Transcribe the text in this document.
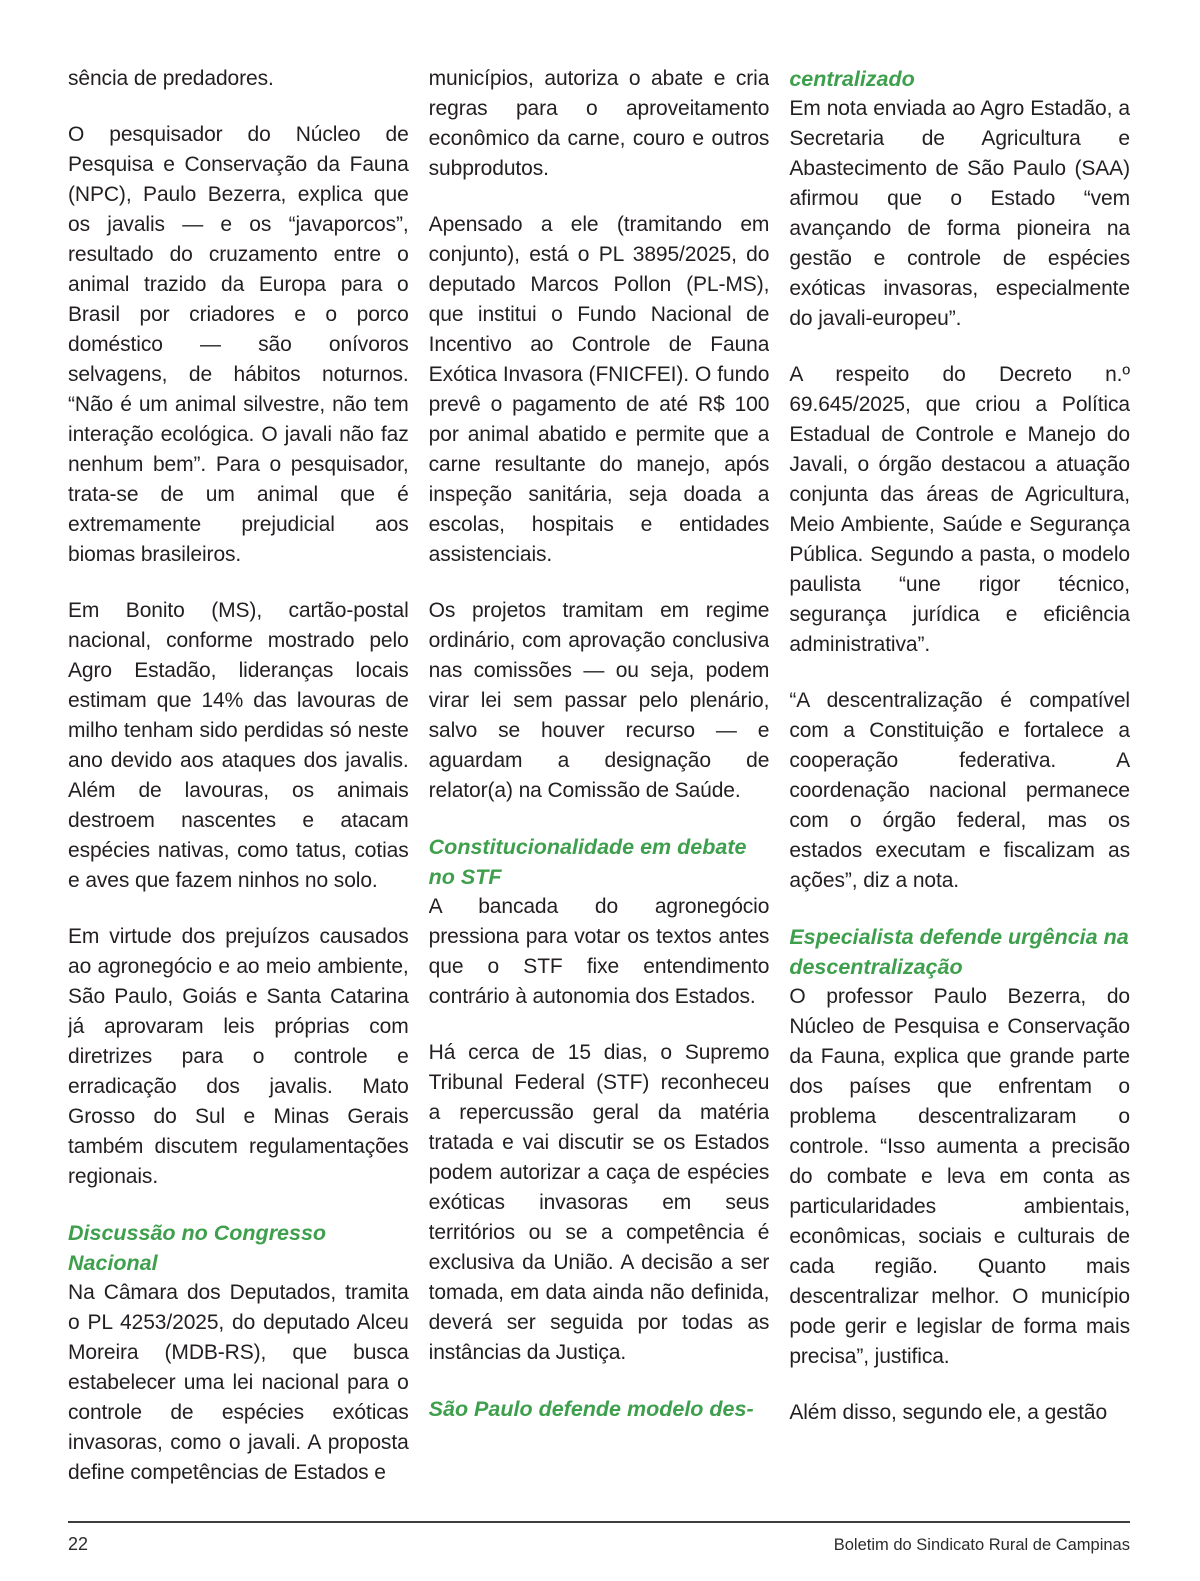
sência de predadores.

O pesquisador do Núcleo de Pesquisa e Conservação da Fauna (NPC), Paulo Bezerra, explica que os javalis — e os “javaporcos”, resultado do cruzamento entre o animal trazido da Europa para o Brasil por criadores e o porco doméstico — são onívoros selvagens, de hábitos noturnos. “Não é um animal silvestre, não tem interação ecológica. O javali não faz nenhum bem”. Para o pesquisador, trata-se de um animal que é extremamente prejudicial aos biomas brasileiros.

Em Bonito (MS), cartão-postal nacional, conforme mostrado pelo Agro Estadão, lideranças locais estimam que 14% das lavouras de milho tenham sido perdidas só neste ano devido aos ataques dos javalis. Além de lavouras, os animais destroem nascentes e atacam espécies nativas, como tatus, cotias e aves que fazem ninhos no solo.

Em virtude dos prejuízos causados ao agronegócio e ao meio ambiente, São Paulo, Goiás e Santa Catarina já aprovaram leis próprias com diretrizes para o controle e erradicação dos javalis. Mato Grosso do Sul e Minas Gerais também discutem regulamentações regionais.

Discussão no Congresso Nacional

Na Câmara dos Deputados, tramita o PL 4253/2025, do deputado Alceu Moreira (MDB-RS), que busca estabelecer uma lei nacional para o controle de espécies exóticas invasoras, como o javali. A proposta define competências de Estados e

municípios, autoriza o abate e cria regras para o aproveitamento econômico da carne, couro e outros subprodutos.

Apensado a ele (tramitando em conjunto), está o PL 3895/2025, do deputado Marcos Pollon (PL-MS), que institui o Fundo Nacional de Incentivo ao Controle de Fauna Exótica Invasora (FNICFEI). O fundo prevê o pagamento de até R$ 100 por animal abatido e permite que a carne resultante do manejo, após inspeção sanitária, seja doada a escolas, hospitais e entidades assistenciais.

Os projetos tramitam em regime ordinário, com aprovação conclusiva nas comissões — ou seja, podem virar lei sem passar pelo plenário, salvo se houver recurso — e aguardam a designação de relator(a) na Comissão de Saúde.

Constitucionalidade em debate no STF

A bancada do agronegócio pressiona para votar os textos antes que o STF fixe entendimento contrário à autonomia dos Estados.

Há cerca de 15 dias, o Supremo Tribunal Federal (STF) reconheceu a repercussão geral da matéria tratada e vai discutir se os Estados podem autorizar a caça de espécies exóticas invasoras em seus territórios ou se a competência é exclusiva da União. A decisão a ser tomada, em data ainda não definida, deverá ser seguida por todas as instâncias da Justiça.

São Paulo defende modelo des-
centralizado

Em nota enviada ao Agro Estadão, a Secretaria de Agricultura e Abastecimento de São Paulo (SAA) afirmou que o Estado “vem avançando de forma pioneira na gestão e controle de espécies exóticas invasoras, especialmente do javali-europeu”.

A respeito do Decreto n.º 69.645/2025, que criou a Política Estadual de Controle e Manejo do Javali, o órgão destacou a atuação conjunta das áreas de Agricultura, Meio Ambiente, Saúde e Segurança Pública. Segundo a pasta, o modelo paulista “une rigor técnico, segurança jurídica e eficiência administrativa”.

“A descentralização é compatível com a Constituição e fortalece a cooperação federativa. A coordenação nacional permanece com o órgão federal, mas os estados executam e fiscalizam as ações”, diz a nota.

Especialista defende urgência na descentralização

O professor Paulo Bezerra, do Núcleo de Pesquisa e Conservação da Fauna, explica que grande parte dos países que enfrentam o problema descentralizaram o controle. “Isso aumenta a precisão do combate e leva em conta as particularidades ambientais, econômicas, sociais e culturais de cada região. Quanto mais descentralizar melhor. O município pode gerir e legislar de forma mais precisa”, justifica.

Além disso, segundo ele, a gestão

22	Boletim do Sindicato Rural de Campinas
